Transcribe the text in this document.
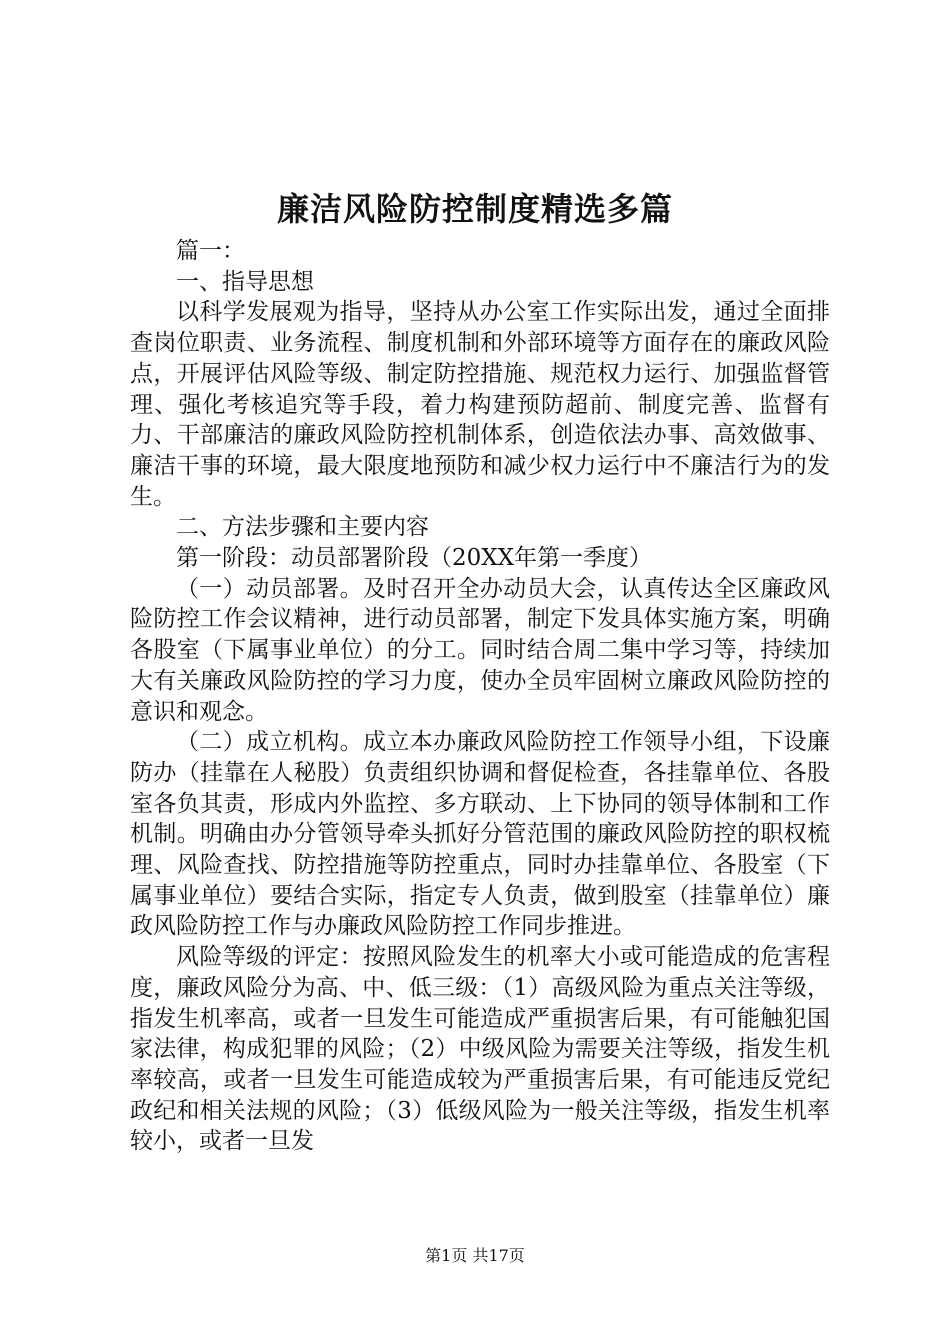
廉洁风险防控制度精选多篇

篇一：

一、指导思想

以科学发展观为指导，坚持从办公室工作实际出发，通过全面排查岗位职责、业务流程、制度机制和外部环境等方面存在的廉政风险点，开展评估风险等级、制定防控措施、规范权力运行、加强监督管理、强化考核追究等手段，着力构建预防超前、制度完善、监督有力、干部廉洁的廉政风险防控机制体系，创造依法办事、高效做事、廉洁干事的环境，最大限度地预防和减少权力运行中不廉洁行为的发生。

二、方法步骤和主要内容

第一阶段：动员部署阶段（20XX年第一季度）

（一）动员部署。及时召开全办动员大会，认真传达全区廉政风险防控工作会议精神，进行动员部署，制定下发具体实施方案，明确各股室（下属事业单位）的分工。同时结合周二集中学习等，持续加大有关廉政风险防控的学习力度，使办全员牢固树立廉政风险防控的意识和观念。

（二）成立机构。成立本办廉政风险防控工作领导小组，下设廉防办（挂靠在人秘股）负责组织协调和督促检查，各挂靠单位、各股室各负其责，形成内外监控、多方联动、上下协同的领导体制和工作机制。明确由办分管领导牵头抓好分管范围的廉政风险防控的职权梳理、风险查找、防控措施等防控重点，同时办挂靠单位、各股室（下属事业单位）要结合实际，指定专人负责，做到股室（挂靠单位）廉政风险防控工作与办廉政风险防控工作同步推进。

风险等级的评定：按照风险发生的机率大小或可能造成的危害程度，廉政风险分为高、中、低三级：（1）高级风险为重点关注等级，指发生机率高，或者一旦发生可能造成严重损害后果，有可能触犯国家法律，构成犯罪的风险；（2）中级风险为需要关注等级，指发生机率较高，或者一旦发生可能造成较为严重损害后果，有可能违反党纪政纪和相关法规的风险；（3）低级风险为一般关注等级，指发生机率较小，或者一旦发

第1页 共17页
